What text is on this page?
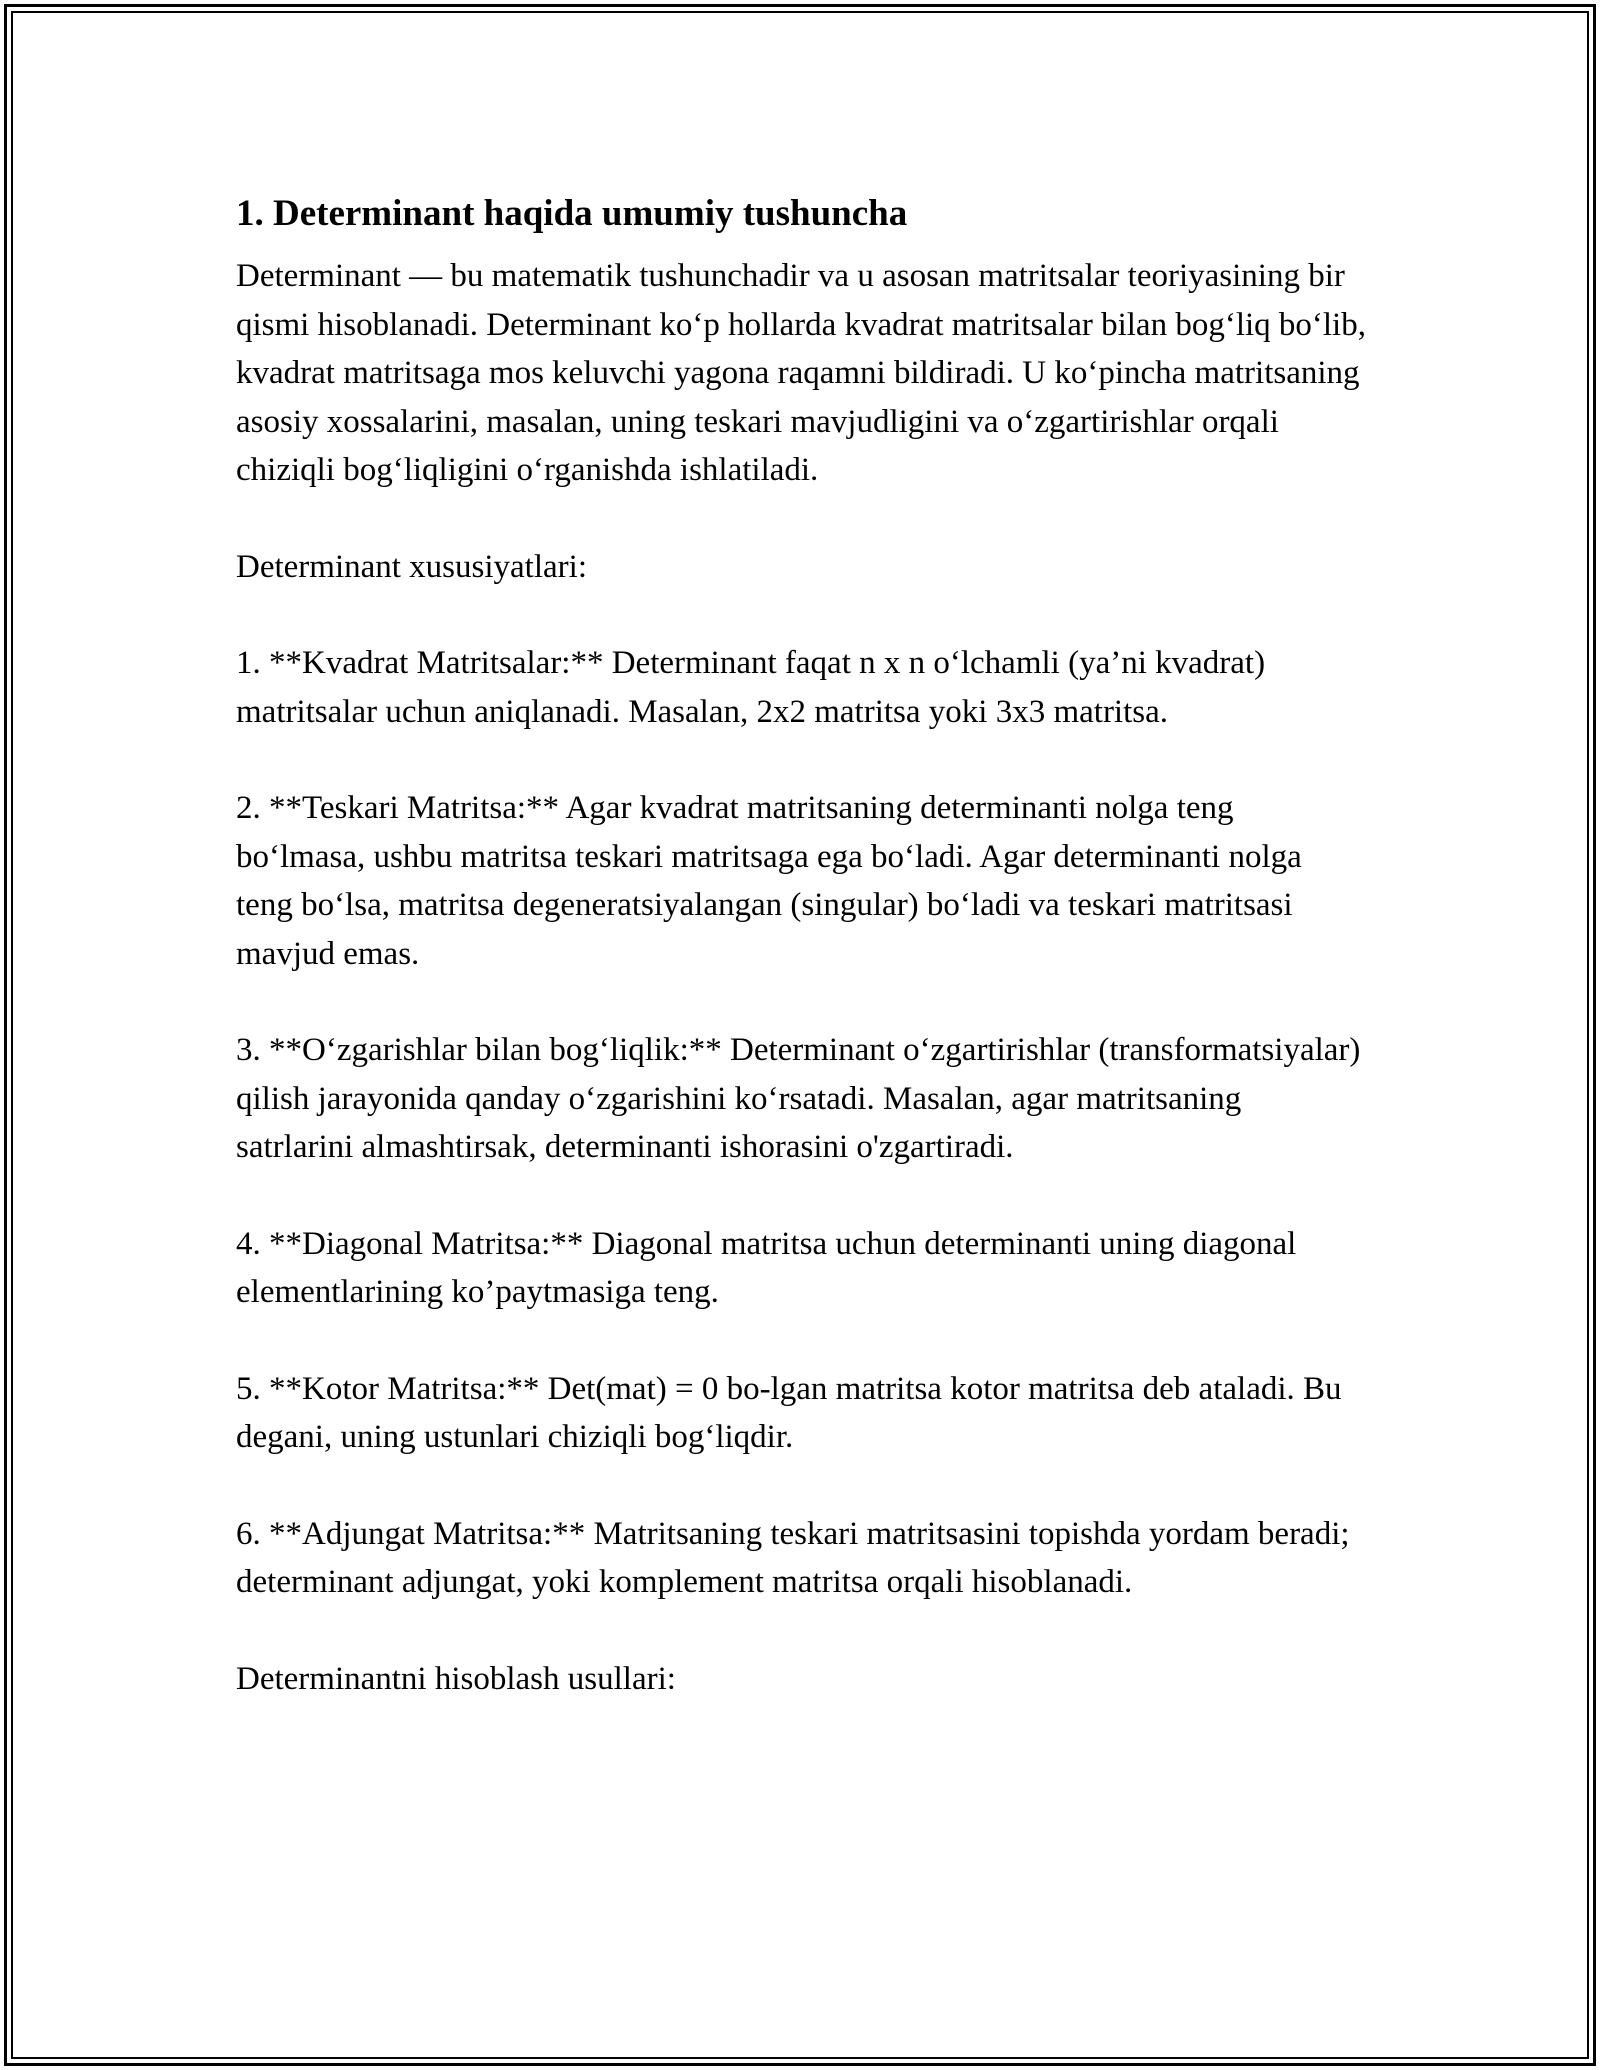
1. Determinant haqida umumiy tushuncha

Determinant — bu matematik tushunchadir va u asosan matritsalar teoriyasining bir qismi hisoblanadi. Determinant ko‘p hollarda kvadrat matritsalar bilan bog‘liq bo‘lib, kvadrat matritsaga mos keluvchi yagona raqamni bildiradi. U ko‘pincha matritsaning asosiy xossalarini, masalan, uning teskari mavjudligini va o‘zgartirishlar orqali chiziqli bog‘liqligini o‘rganishda ishlatiladi.

Determinant xususiyatlari:

1. **Kvadrat Matritsalar:** Determinant faqat n x n o‘lchamli (ya’ni kvadrat) matritsalar uchun aniqlanadi. Masalan, 2x2 matritsa yoki 3x3 matritsa.

2. **Teskari Matritsa:** Agar kvadrat matritsaning determinanti nolga teng bo‘lmasa, ushbu matritsa teskari matritsaga ega bo‘ladi. Agar determinanti nolga teng bo‘lsa, matritsa degeneratsiyalangan (singular) bo‘ladi va teskari matritsasi mavjud emas.

3. **O‘zgarishlar bilan bog‘liqlik:** Determinant o‘zgartirishlar (transformatsiyalar) qilish jarayonida qanday o‘zgarishini ko‘rsatadi. Masalan, agar matritsaning satrlarini almashtirsak, determinanti ishorasini o'zgartiradi.

4. **Diagonal Matritsa:** Diagonal matritsa uchun determinanti uning diagonal elementlarining ko’paytmasiga teng.

5. **Kotor Matritsa:** Det(mat) = 0 bo-lgan matritsa kotor matritsa deb ataladi. Bu degani, uning ustunlari chiziqli bog‘liqdir.

6. **Adjungat Matritsa:** Matritsaning teskari matritsasini topishda yordam beradi; determinant adjungat, yoki komplement matritsa orqali hisoblanadi.

Determinantni hisoblash usullari:
